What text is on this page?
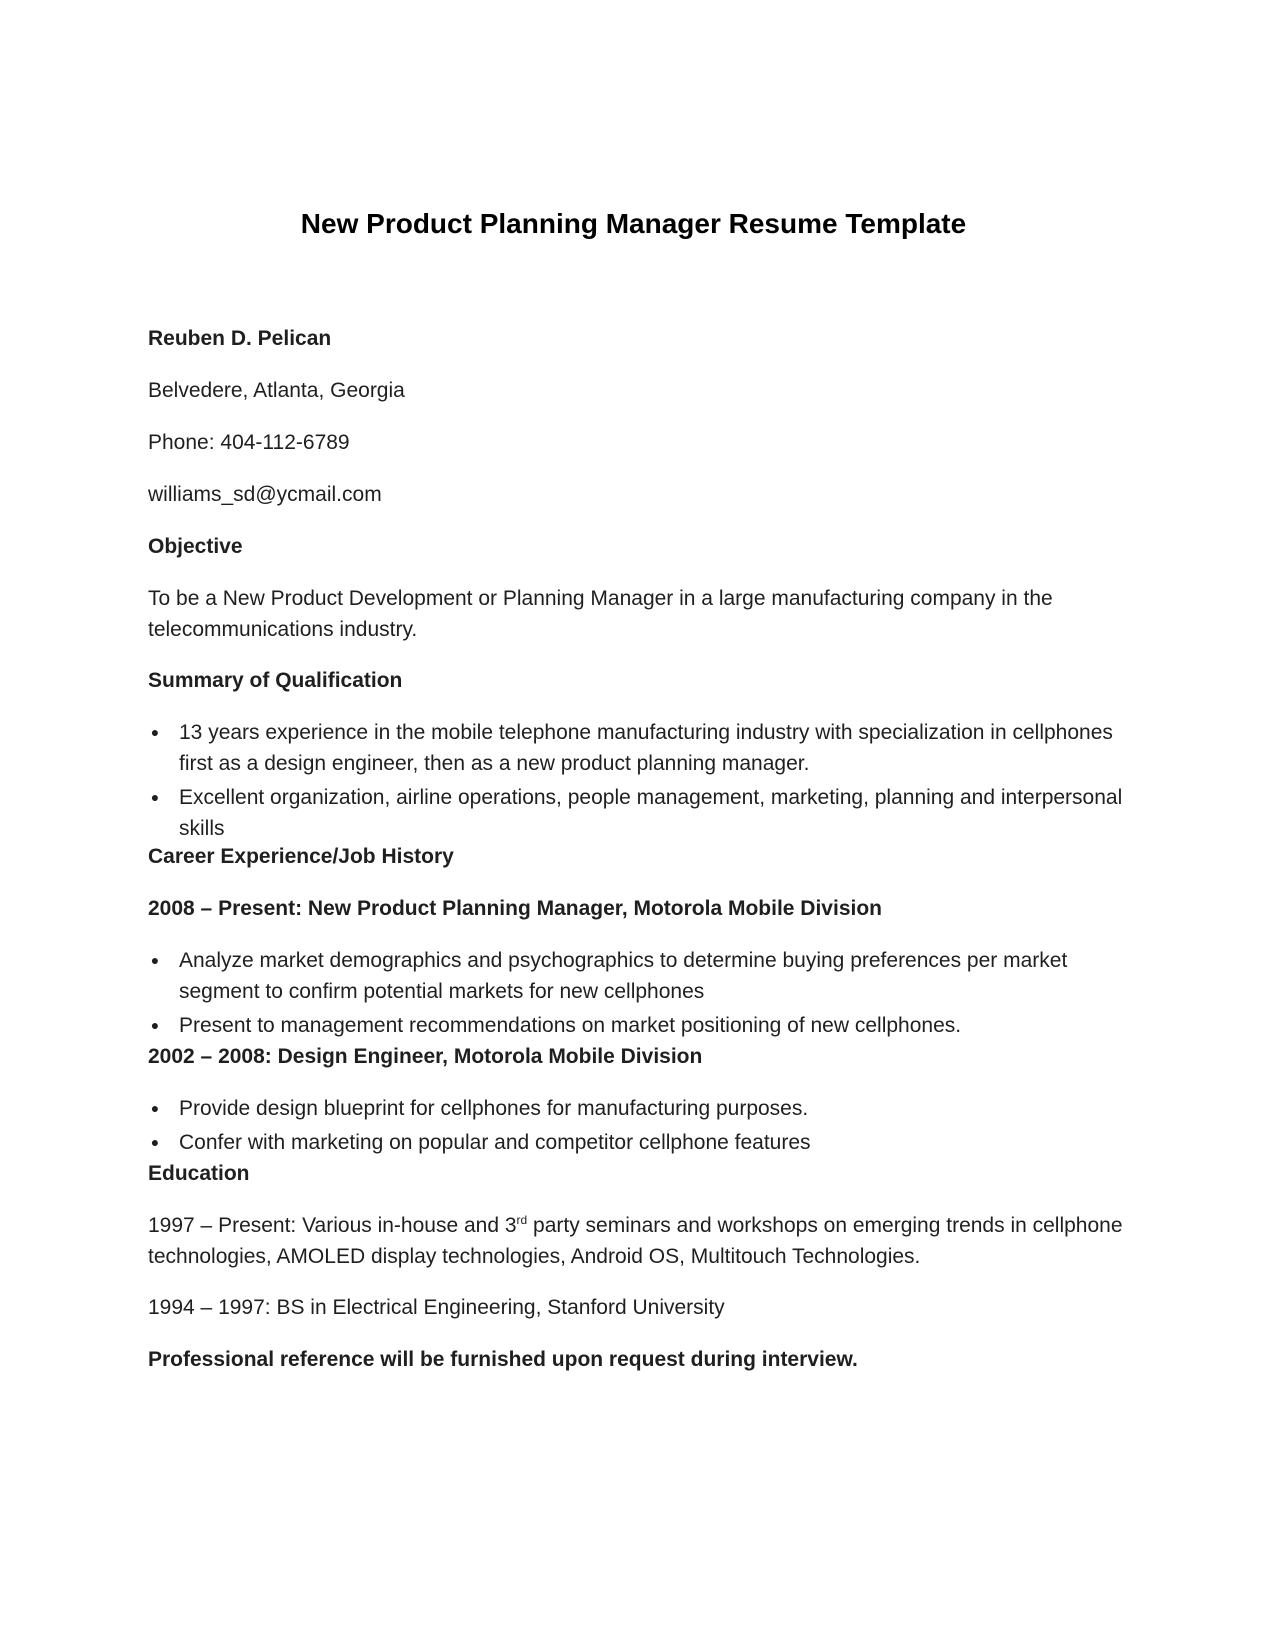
New Product Planning Manager Resume Template

Reuben D. Pelican

Belvedere, Atlanta, Georgia

Phone: 404-112-6789

williams_sd@ycmail.com

Objective

To be a New Product Development or Planning Manager in a large manufacturing company in the telecommunications industry.

Summary of Qualification

● 13 years experience in the mobile telephone manufacturing industry with specialization in cellphones first as a design engineer, then as a new product planning manager.
● Excellent organization, airline operations, people management, marketing, planning and interpersonal skills

Career Experience/Job History

2008 – Present: New Product Planning Manager, Motorola Mobile Division

● Analyze market demographics and psychographics to determine buying preferences per market segment to confirm potential markets for new cellphones
● Present to management recommendations on market positioning of new cellphones.

2002 – 2008: Design Engineer, Motorola Mobile Division

● Provide design blueprint for cellphones for manufacturing purposes.
● Confer with marketing on popular and competitor cellphone features

Education

1997 – Present: Various in-house and 3rd party seminars and workshops on emerging trends in cellphone technologies, AMOLED display technologies, Android OS, Multitouch Technologies.

1994 – 1997: BS in Electrical Engineering, Stanford University

Professional reference will be furnished upon request during interview.
